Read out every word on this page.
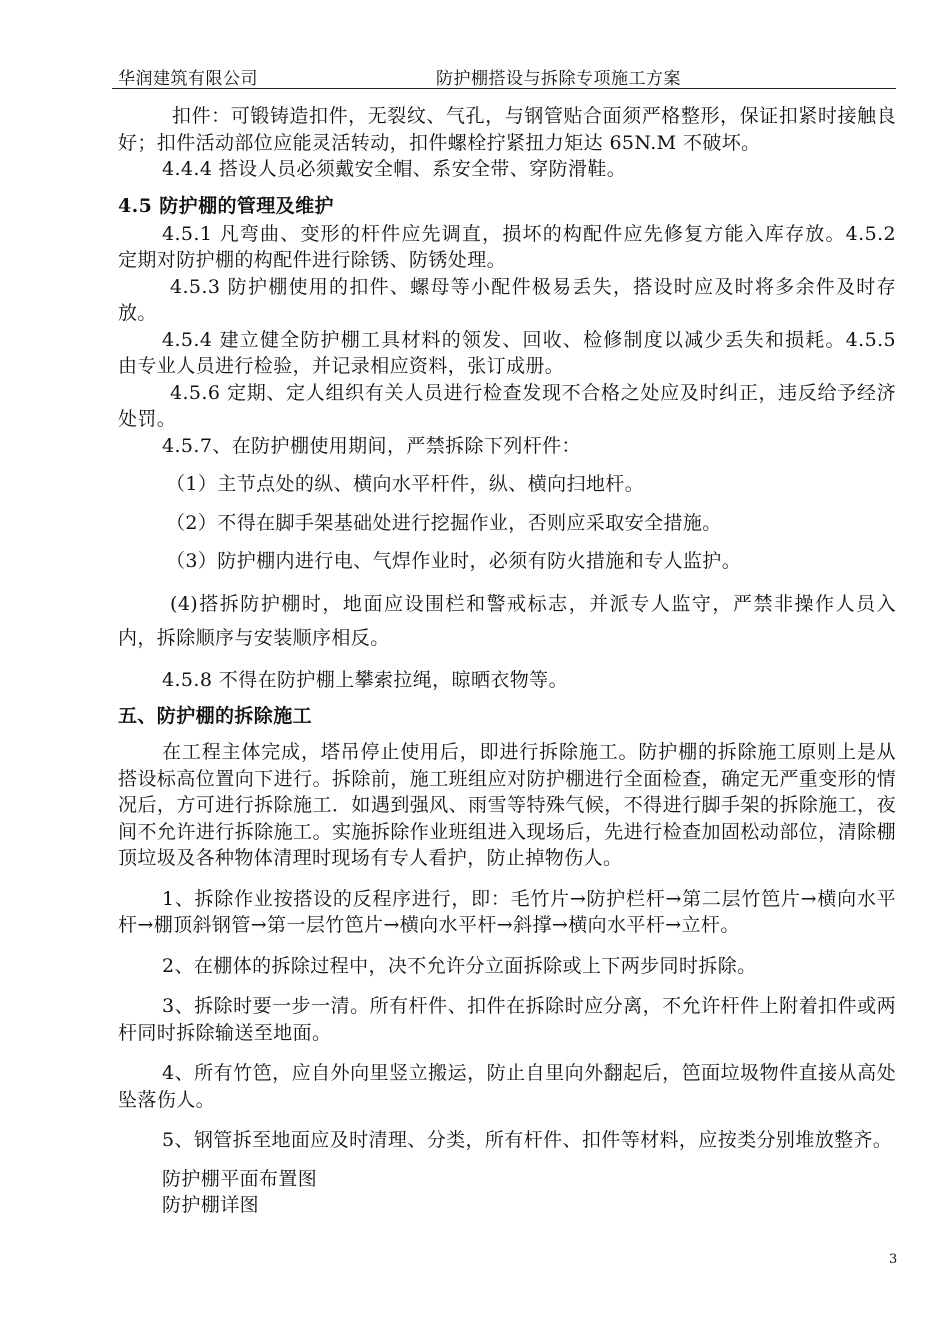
华润建筑有限公司	防护棚搭设与拆除专项施工方案

扣件：可锻铸造扣件，无裂纹、气孔，与钢管贴合面须严格整形，保证扣紧时接触良好；扣件活动部位应能灵活转动，扣件螺栓拧紧扭力矩达 65N.M 不破坏。

4.4.4 搭设人员必须戴安全帽、系安全带、穿防滑鞋。

4.5 防护棚的管理及维护

4.5.1 凡弯曲、变形的杆件应先调直，损坏的构配件应先修复方能入库存放。4.5.2 定期对防护棚的构配件进行除锈、防锈处理。

4.5.3 防护棚使用的扣件、螺母等小配件极易丢失，搭设时应及时将多余件及时存放。

4.5.4 建立健全防护棚工具材料的领发、回收、检修制度以减少丢失和损耗。4.5.5 由专业人员进行检验，并记录相应资料，张订成册。

4.5.6 定期、定人组织有关人员进行检查发现不合格之处应及时纠正，违反给予经济处罚。

4.5.7、在防护棚使用期间，严禁拆除下列杆件：

（1）主节点处的纵、横向水平杆件，纵、横向扫地杆。

（2）不得在脚手架基础处进行挖掘作业，否则应采取安全措施。

（3）防护棚内进行电、气焊作业时，必须有防火措施和专人监护。

(4)搭拆防护棚时，地面应设围栏和警戒标志，并派专人监守，严禁非操作人员入内，拆除顺序与安装顺序相反。

4.5.8 不得在防护棚上攀索拉绳，晾晒衣物等。

五、防护棚的拆除施工

在工程主体完成，塔吊停止使用后，即进行拆除施工。防护棚的拆除施工原则上是从搭设标高位置向下进行。拆除前，施工班组应对防护棚进行全面检查，确定无严重变形的情况后，方可进行拆除施工．如遇到强风、雨雪等特殊气候，不得进行脚手架的拆除施工，夜间不允许进行拆除施工。实施拆除作业班组进入现场后，先进行检查加固松动部位，清除棚顶垃圾及各种物体清理时现场有专人看护，防止掉物伤人。

1、拆除作业按搭设的反程序进行，即：毛竹片→防护栏杆→第二层竹笆片→横向水平杆→棚顶斜钢管→第一层竹笆片→横向水平杆→斜撑→横向水平杆→立杆。

2、在棚体的拆除过程中，决不允许分立面拆除或上下两步同时拆除。

3、拆除时要一步一清。所有杆件、扣件在拆除时应分离，不允许杆件上附着扣件或两杆同时拆除输送至地面。

4、所有竹笆，应自外向里竖立搬运，防止自里向外翻起后，笆面垃圾物件直接从高处坠落伤人。

5、钢管拆至地面应及时清理、分类，所有杆件、扣件等材料，应按类分别堆放整齐。

防护棚平面布置图

防护棚详图

3
